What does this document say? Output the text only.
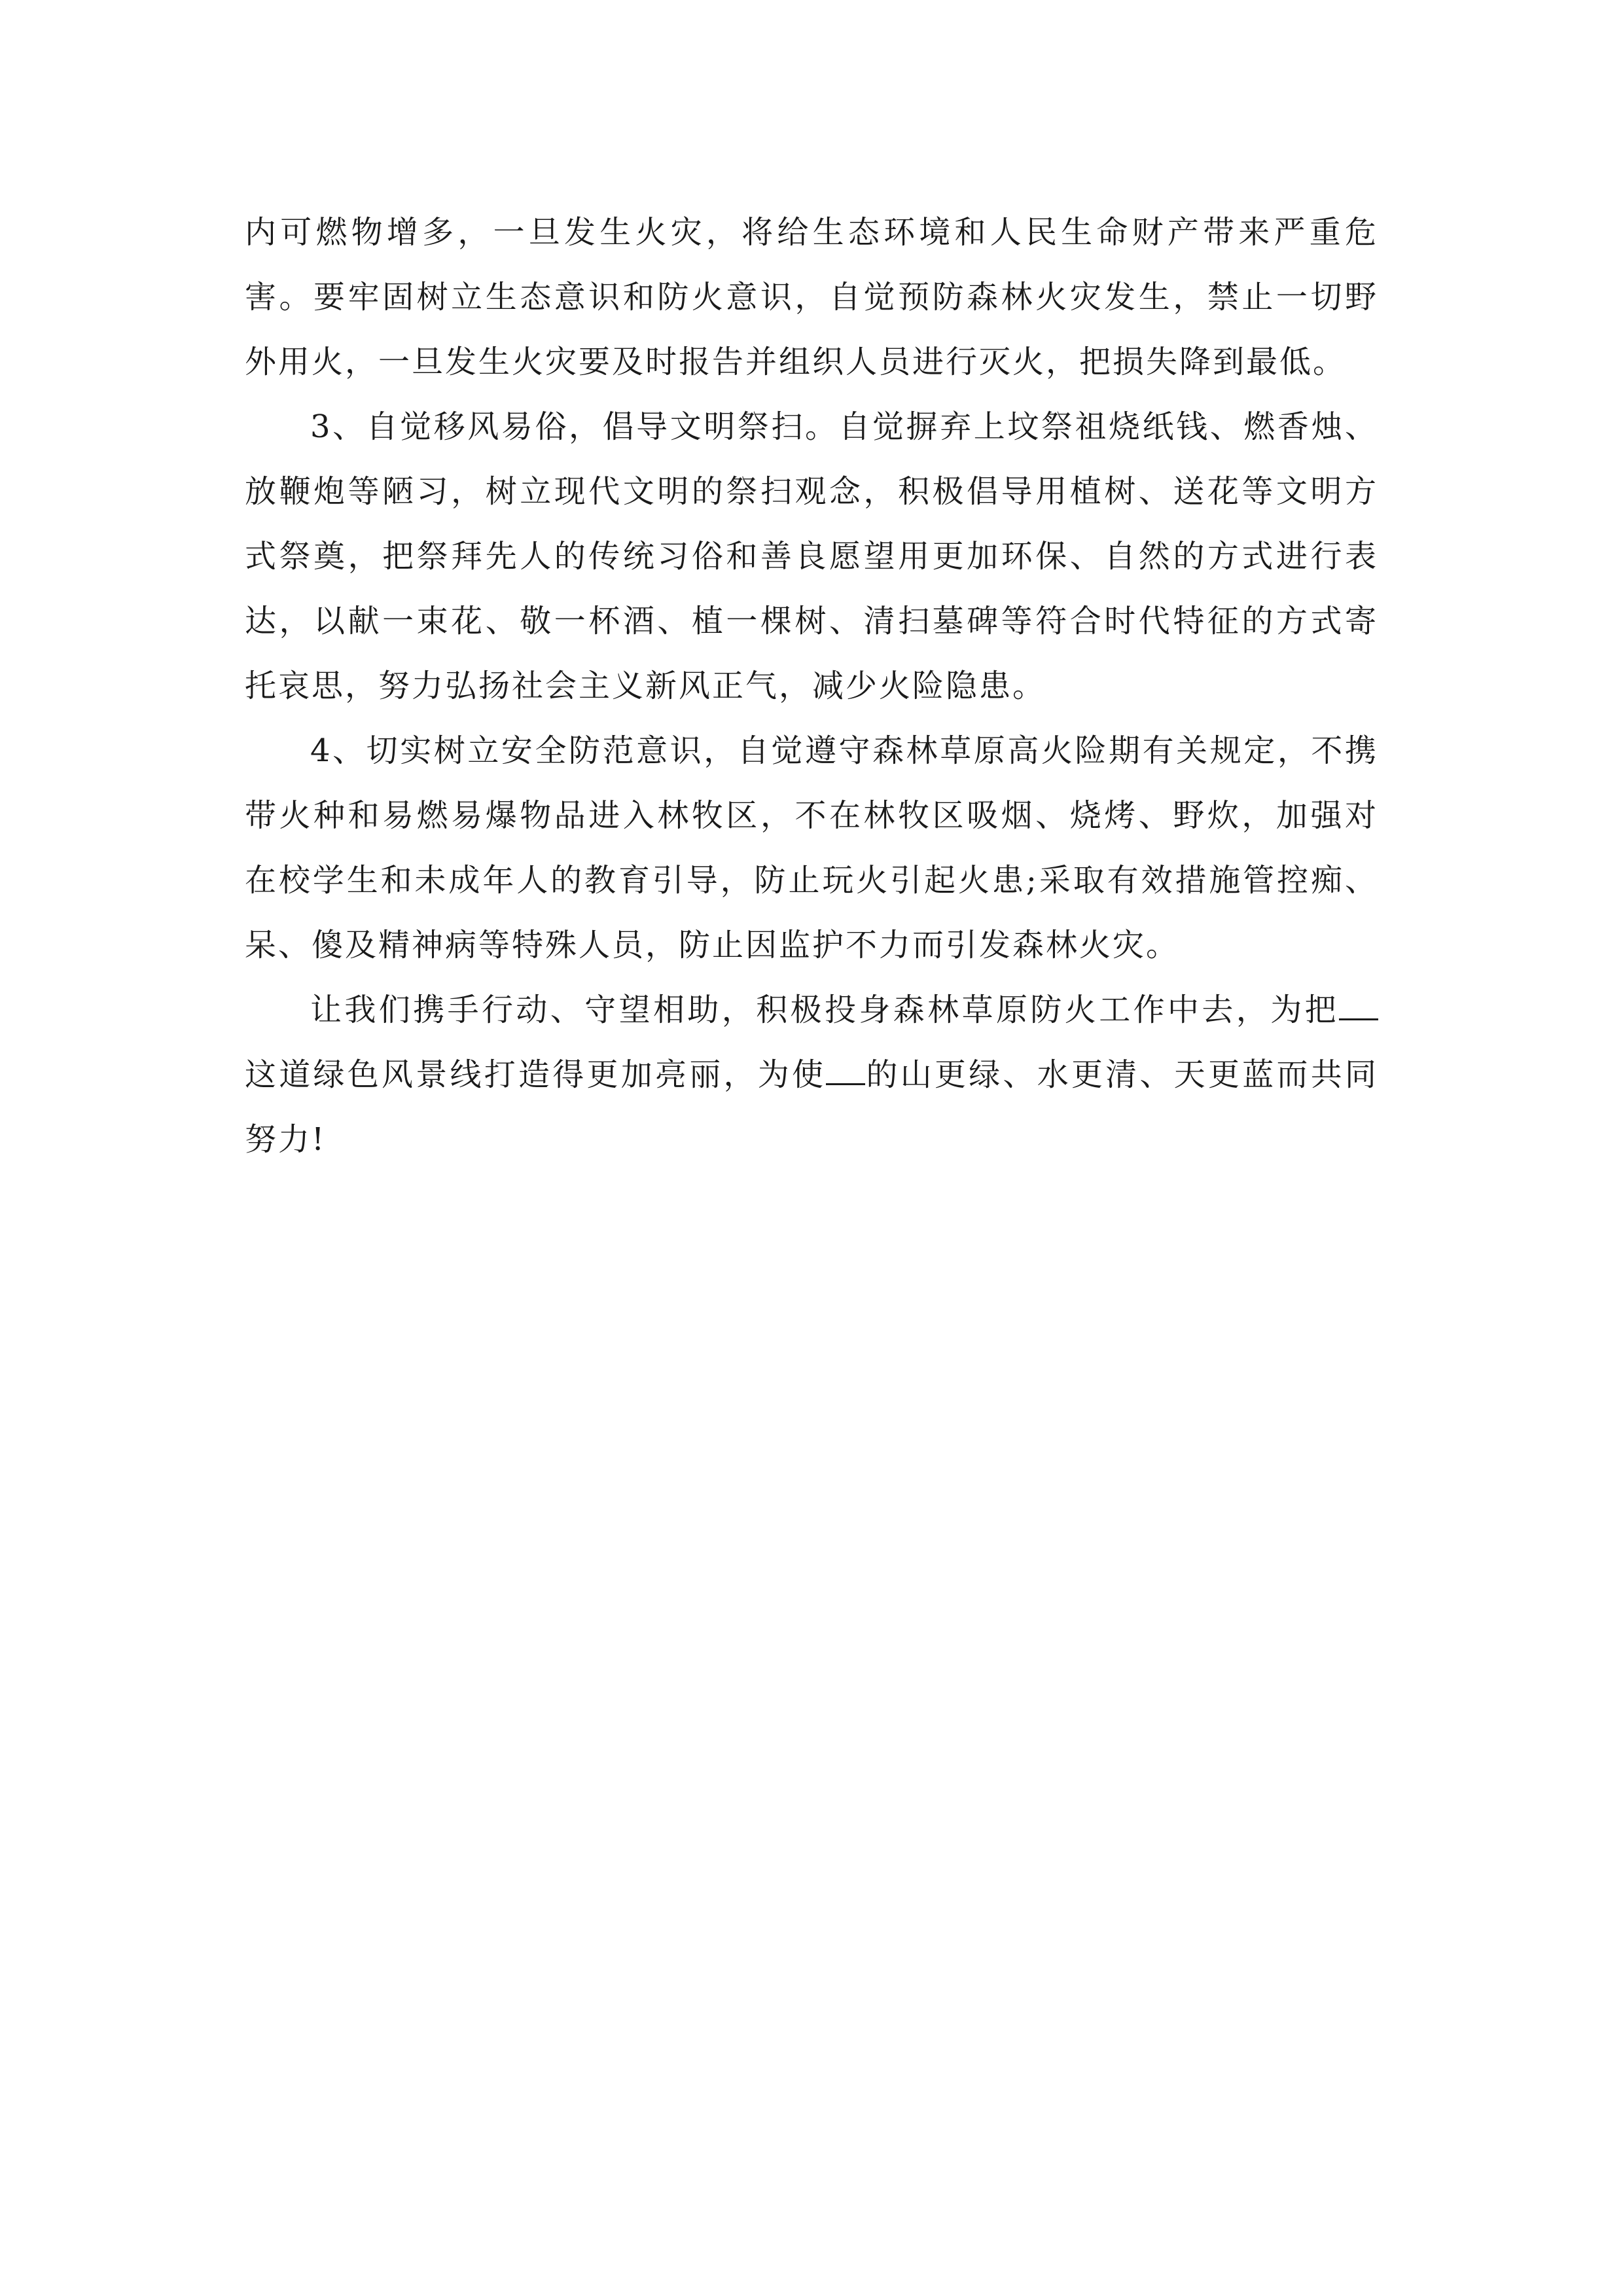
内可燃物增多，一旦发生火灾，将给生态环境和人民生命财产带来严重危害。要牢固树立生态意识和防火意识，自觉预防森林火灾发生，禁止一切野外用火，一旦发生火灾要及时报告并组织人员进行灭火，把损失降到最低。

3、自觉移风易俗，倡导文明祭扫。自觉摒弃上坟祭祖烧纸钱、燃香烛、放鞭炮等陋习，树立现代文明的祭扫观念，积极倡导用植树、送花等文明方式祭奠，把祭拜先人的传统习俗和善良愿望用更加环保、自然的方式进行表达，以献一束花、敬一杯酒、植一棵树、清扫墓碑等符合时代特征的方式寄托哀思，努力弘扬社会主义新风正气，减少火险隐患。

4、切实树立安全防范意识，自觉遵守森林草原高火险期有关规定，不携带火种和易燃易爆物品进入林牧区，不在林牧区吸烟、烧烤、野炊，加强对在校学生和未成年人的教育引导，防止玩火引起火患;采取有效措施管控痴、呆、傻及精神病等特殊人员，防止因监护不力而引发森林火灾。

让我们携手行动、守望相助，积极投身森林草原防火工作中去，为把这道绿色风景线打造得更加亮丽，为使 的山更绿、水更清、天更蓝而共同努力!
